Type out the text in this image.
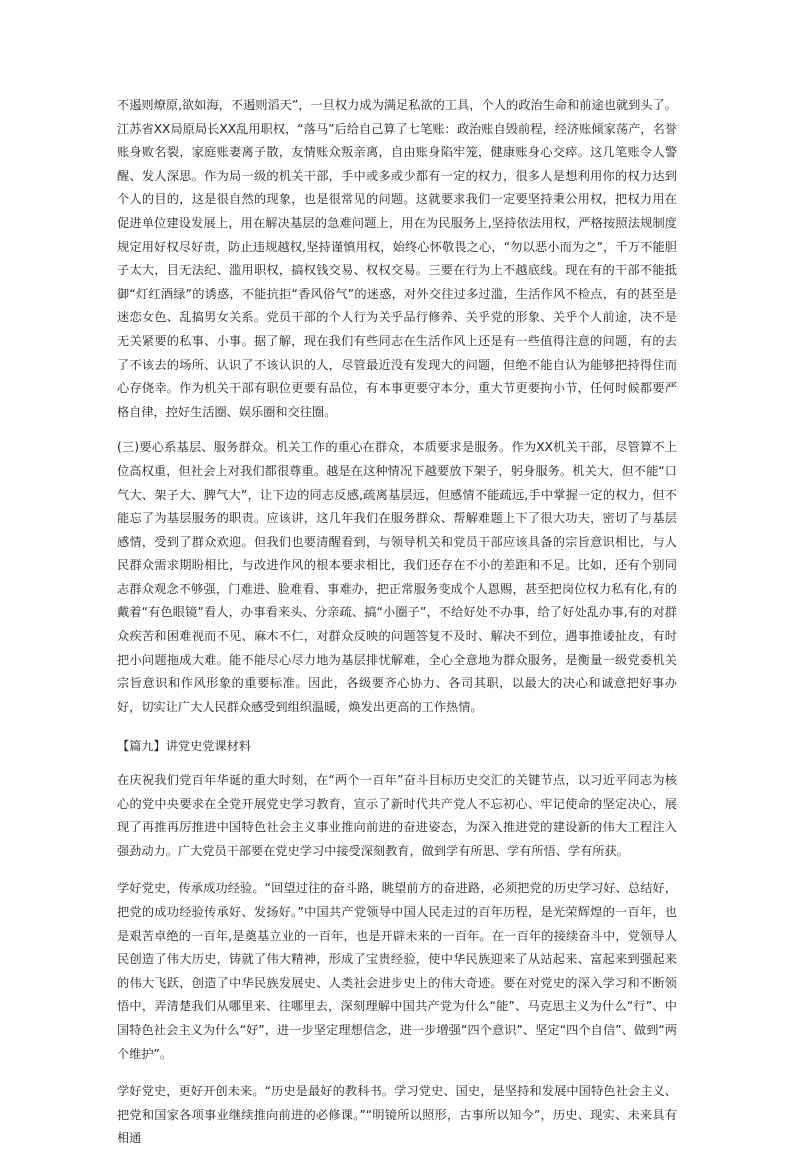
不遏则燎原,欲如海，不遏则滔天”，一旦权力成为满足私欲的工具，个人的政治生命和前途也就到头了。江苏省XX局原局长XX乱用职权，“落马”后给自己算了七笔账：政治账自毁前程，经济账倾家荡产，名誉账身败名裂，家庭账妻离子散，友情账众叛亲离，自由账身陷牢笼，健康账身心交瘁。这几笔账令人警醒、发人深思。作为局一级的机关干部，手中或多或少都有一定的权力，很多人是想利用你的权力达到个人的目的，这是很自然的现象，也是很常见的问题。这就要求我们一定要坚持秉公用权，把权力用在促进单位建设发展上，用在解决基层的急难问题上，用在为民服务上,坚持依法用权，严格按照法规制度规定用好权尽好责，防止违规越权,坚持谨慎用权，始终心怀敬畏之心，“勿以恶小而为之”，千万不能胆子太大，目无法纪、滥用职权，搞权钱交易、权权交易。三要在行为上不越底线。现在有的干部不能抵御“灯红酒绿”的诱惑，不能抗拒“香风俗气”的迷惑，对外交往过多过滥，生活作风不检点，有的甚至是迷恋女色、乱搞男女关系。党员干部的个人行为关乎品行修养、关乎党的形象、关乎个人前途，决不是无关紧要的私事、小事。据了解，现在我们有些同志在生活作风上还是有一些值得注意的问题，有的去了不该去的场所、认识了不该认识的人，尽管最近没有发现大的问题，但绝不能自认为能够把持得住而心存侥幸。作为机关干部有职位更要有品位，有本事更要守本分，重大节更要拘小节，任何时候都要严格自律，控好生活圈、娱乐圈和交往圈。

(三)要心系基层、服务群众。机关工作的重心在群众，本质要求是服务。作为XX机关干部，尽管算不上位高权重，但社会上对我们都很尊重。越是在这种情况下越要放下架子，躬身服务。机关大，但不能“口气大、架子大、脾气大”，让下边的同志反感,疏离基层远，但感情不能疏远,手中掌握一定的权力，但不能忘了为基层服务的职责。应该讲，这几年我们在服务群众、帮解难题上下了很大功夫，密切了与基层感情，受到了群众欢迎。但我们也要清醒看到，与领导机关和党员干部应该具备的宗旨意识相比，与人民群众需求期盼相比，与改进作风的根本要求相比，我们还存在不小的差距和不足。比如，还有个别同志群众观念不够强，门难进、脸难看、事难办，把正常服务变成个人恩赐，甚至把岗位权力私有化,有的戴着“有色眼镜”看人，办事看来头、分亲疏、搞“小圈子”，不给好处不办事，给了好处乱办事,有的对群众疾苦和困难视而不见、麻木不仁，对群众反映的问题答复不及时、解决不到位，遇事推诿扯皮，有时把小问题拖成大难。能不能尽心尽力地为基层排忧解难，全心全意地为群众服务，是衡量一级党委机关宗旨意识和作风形象的重要标准。因此，各级要齐心协力、各司其职，以最大的决心和诚意把好事办好，切实让广大人民群众感受到组织温暖，焕发出更高的工作热情。

【篇九】讲党史党课材料

在庆祝我们党百年华诞的重大时刻，在“两个一百年”奋斗目标历史交汇的关键节点，以习近平同志为核心的党中央要求在全党开展党史学习教育，宣示了新时代共产党人不忘初心、牢记使命的坚定决心，展现了再推再厉推进中国特色社会主义事业推向前进的奋进姿态，为深入推进党的建设新的伟大工程注入强劲动力。广大党员干部要在党史学习中接受深刻教育，做到学有所思、学有所悟、学有所获。

学好党史，传承成功经验。“回望过往的奋斗路，眺望前方的奋进路，必须把党的历史学习好、总结好，把党的成功经验传承好、发扬好。”中国共产党领导中国人民走过的百年历程，是光荣辉煌的一百年，也是艰苦卓绝的一百年,是奠基立业的一百年，也是开辟未来的一百年。在一百年的接续奋斗中，党领导人民创造了伟大历史，铸就了伟大精神，形成了宝贵经验，使中华民族迎来了从站起来、富起来到强起来的伟大飞跃，创造了中华民族发展史、人类社会进步史上的伟大奇迹。要在对党史的深入学习和不断领悟中，弄清楚我们从哪里来、往哪里去，深刻理解中国共产党为什么“能”、马克思主义为什么“行”、中国特色社会主义为什么“好”，进一步坚定理想信念，进一步增强“四个意识”、坚定“四个自信”、做到“两个维护”。

学好党史，更好开创未来。“历史是最好的教科书。学习党史、国史，是坚持和发展中国特色社会主义、把党和国家各项事业继续推向前进的必修课。”“明镜所以照形，古事所以知今”，历史、现实、未来具有相通
